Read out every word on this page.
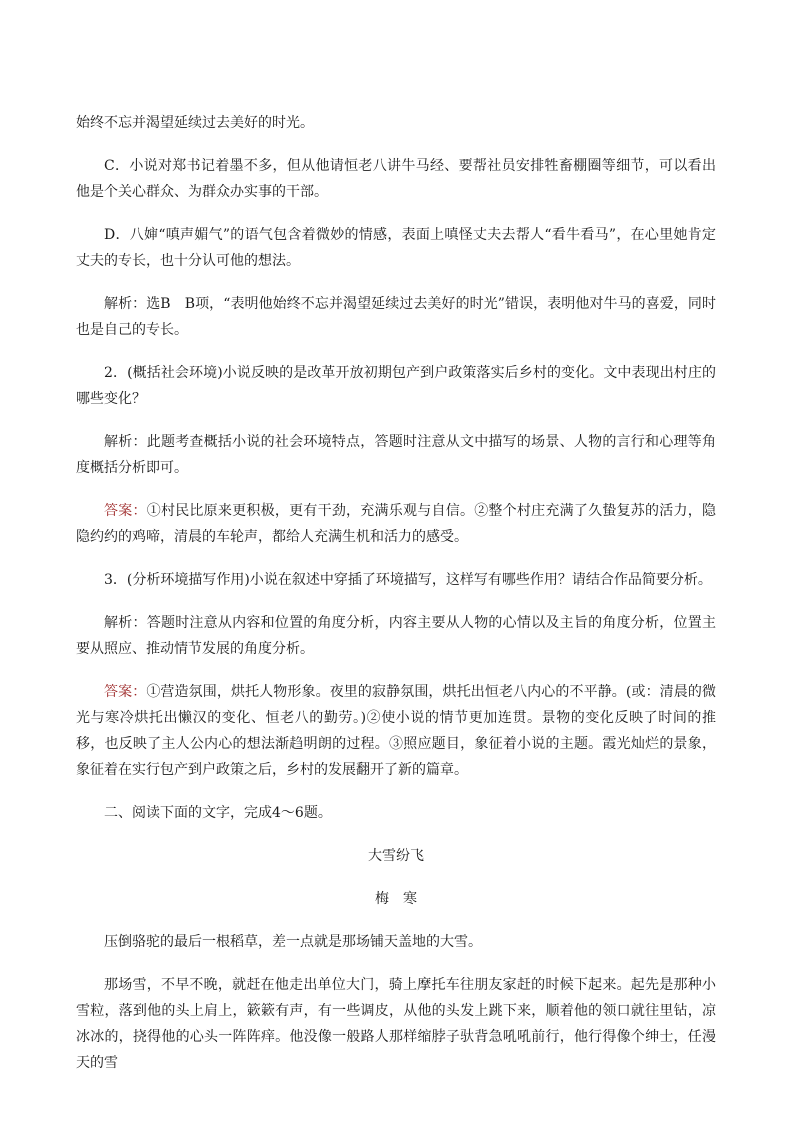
始终不忘并渴望延续过去美好的时光。

C．小说对郑书记着墨不多，但从他请恒老八讲牛马经、要帮社员安排牲畜棚圈等细节，可以看出他是个关心群众、为群众办实事的干部。

D．八婶“嗔声媚气”的语气包含着微妙的情感，表面上嗔怪丈夫去帮人“看牛看马”，在心里她肯定丈夫的专长，也十分认可他的想法。

解析：选B　B项，“表明他始终不忘并渴望延续过去美好的时光”错误，表明他对牛马的喜爱，同时也是自己的专长。

2．(概括社会环境)小说反映的是改革开放初期包产到户政策落实后乡村的变化。文中表现出村庄的哪些变化？

解析：此题考查概括小说的社会环境特点，答题时注意从文中描写的场景、人物的言行和心理等角度概括分析即可。

答案：①村民比原来更积极，更有干劲，充满乐观与自信。②整个村庄充满了久蛰复苏的活力，隐隐约约的鸡啼，清晨的车轮声，都给人充满生机和活力的感受。

3．(分析环境描写作用)小说在叙述中穿插了环境描写，这样写有哪些作用？请结合作品简要分析。

解析：答题时注意从内容和位置的角度分析，内容主要从人物的心情以及主旨的角度分析，位置主要从照应、推动情节发展的角度分析。

答案：①营造氛围，烘托人物形象。夜里的寂静氛围，烘托出恒老八内心的不平静。(或：清晨的微光与寒冷烘托出懒汉的变化、恒老八的勤劳。)②使小说的情节更加连贯。景物的变化反映了时间的推移，也反映了主人公内心的想法渐趋明朗的过程。③照应题目，象征着小说的主题。霞光灿烂的景象，象征着在实行包产到户政策之后，乡村的发展翻开了新的篇章。

二、阅读下面的文字，完成4～6题。

大雪纷飞

梅　寒

压倒骆驼的最后一根稻草，差一点就是那场铺天盖地的大雪。

那场雪，不早不晚，就赶在他走出单位大门，骑上摩托车往朋友家赶的时候下起来。起先是那种小雪粒，落到他的头上肩上，簌簌有声，有一些调皮，从他的头发上跳下来，顺着他的领口就往里钻，凉冰冰的，挠得他的心头一阵阵痒。他没像一般路人那样缩脖子驮背急吼吼前行，他行得像个绅士，任漫天的雪
